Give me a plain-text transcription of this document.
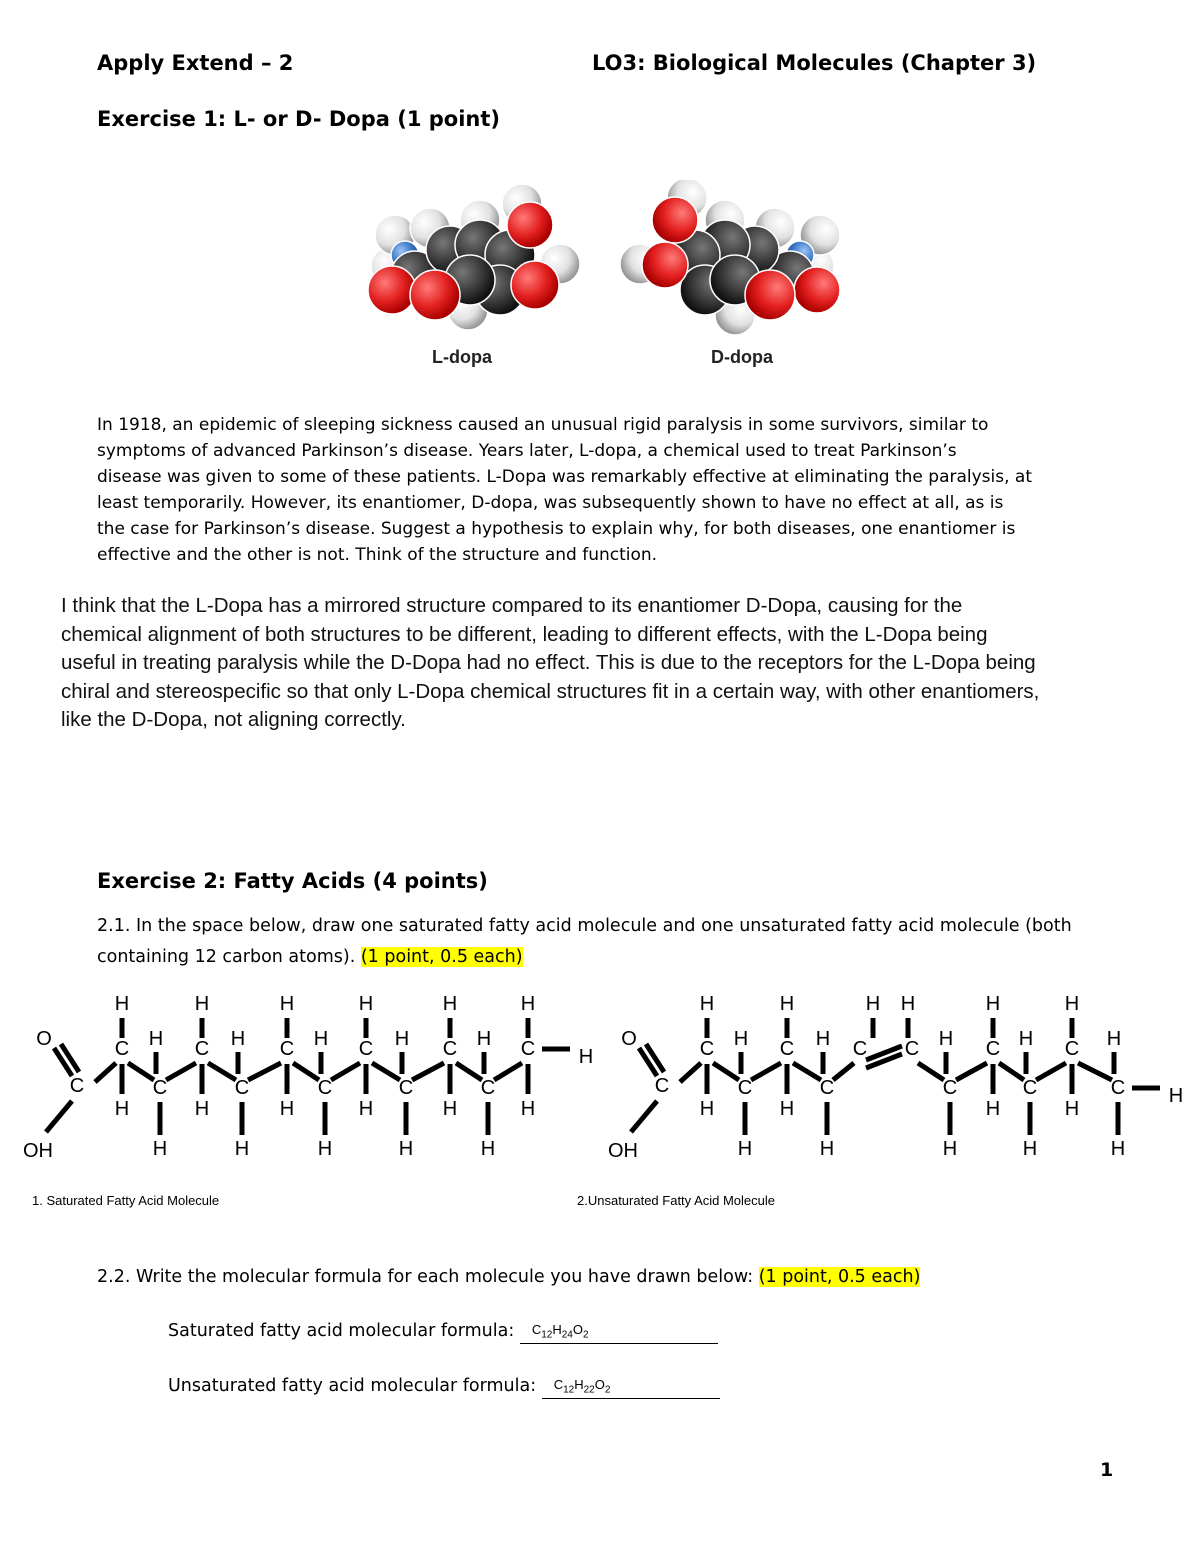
Apply Extend – 2	LO3: Biological Molecules (Chapter 3)
Exercise 1: L- or D- Dopa (1 point)
L-dopa	D-dopa
In 1918, an epidemic of sleeping sickness caused an unusual rigid paralysis in some survivors, similar to
symptoms of advanced Parkinson’s disease. Years later, L-dopa, a chemical used to treat Parkinson’s
disease was given to some of these patients. L-Dopa was remarkably effective at eliminating the paralysis, at
least temporarily. However, its enantiomer, D-dopa, was subsequently shown to have no effect at all, as is
the case for Parkinson’s disease. Suggest a hypothesis to explain why, for both diseases, one enantiomer is
effective and the other is not. Think of the structure and function.
I think that the L-Dopa has a mirrored structure compared to its enantiomer D-Dopa, causing for the
chemical alignment of both structures to be different, leading to different effects, with the L-Dopa being
useful in treating paralysis while the D-Dopa had no effect. This is due to the receptors for the L-Dopa being
chiral and stereospecific so that only L-Dopa chemical structures fit in a certain way, with other enantiomers,
like the D-Dopa, not aligning correctly.
Exercise 2: Fatty Acids (4 points)
2.1. In the space below, draw one saturated fatty acid molecule and one unsaturated fatty acid molecule (both
containing 12 carbon atoms). (1 point, 0.5 each)
O
C
OH
C
H
H
C
H
H
C
H
H
C
H
H
C
H
H
C
H
H
C
H
H
C
H
H
C
H
H
C
H
H
C
H
H
H
O
C
OH
C
H
H
C
H
H
C
H
H
C
H
H
C
H
C
H
C
H
H
C
H
H
C
H
H
C
H
H
C
H
H
H
1. Saturated Fatty Acid Molecule	2.Unsaturated Fatty Acid Molecule
2.2. Write the molecular formula for each molecule you have drawn below: (1 point, 0.5 each)
Saturated fatty acid molecular formula: $C_{12}H_{24}O_2$
Unsaturated fatty acid molecular formula: $C_{12}H_{22}O_2$
1
